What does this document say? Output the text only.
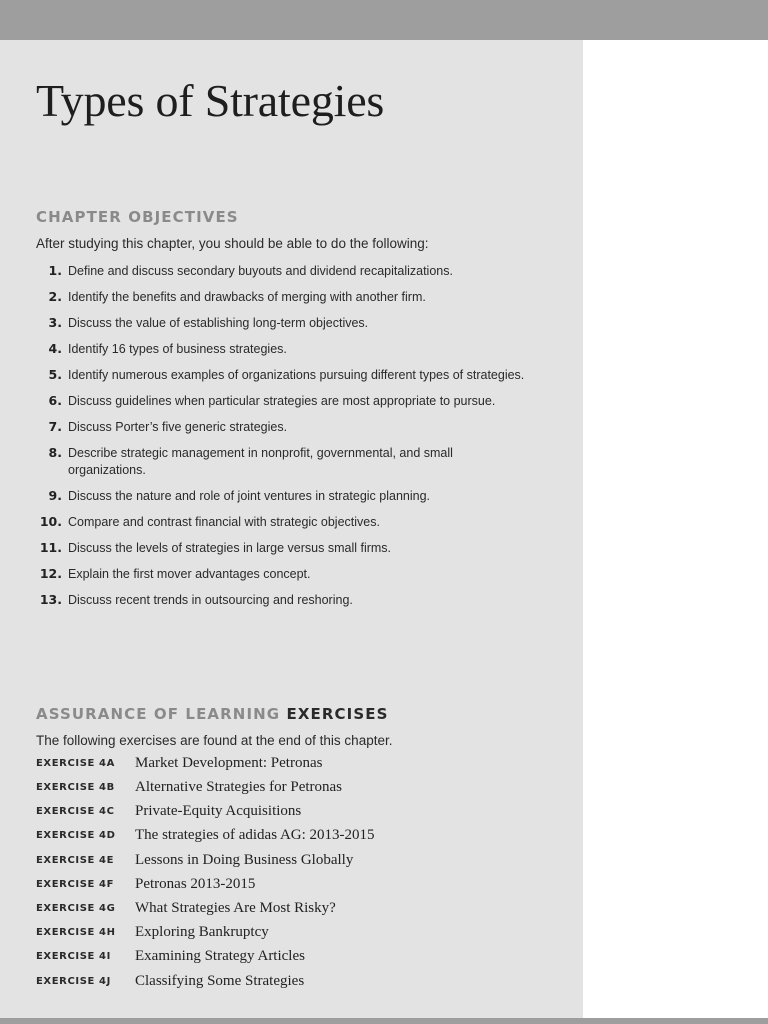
Types of Strategies
CHAPTER OBJECTIVES

After studying this chapter, you should be able to do the following:

1. Define and discuss secondary buyouts and dividend recapitalizations.
2. Identify the benefits and drawbacks of merging with another firm.
3. Discuss the value of establishing long-term objectives.
4. Identify 16 types of business strategies.
5. Identify numerous examples of organizations pursuing different types of strategies.
6. Discuss guidelines when particular strategies are most appropriate to pursue.
7. Discuss Porter’s five generic strategies.
8. Describe strategic management in nonprofit, governmental, and small organizations.
9. Discuss the nature and role of joint ventures in strategic planning.
10. Compare and contrast financial with strategic objectives.
11. Discuss the levels of strategies in large versus small firms.
12. Explain the first mover advantages concept.
13. Discuss recent trends in outsourcing and reshoring.
ASSURANCE OF LEARNING EXERCISES

The following exercises are found at the end of this chapter.

EXERCISE 4A Market Development: Petronas
EXERCISE 4B Alternative Strategies for Petronas
EXERCISE 4C Private-Equity Acquisitions
EXERCISE 4D The strategies of adidas AG: 2013-2015
EXERCISE 4E Lessons in Doing Business Globally
EXERCISE 4F Petronas 2013-2015
EXERCISE 4G What Strategies Are Most Risky?
EXERCISE 4H Exploring Bankruptcy
EXERCISE 4I Examining Strategy Articles
EXERCISE 4J Classifying Some Strategies
